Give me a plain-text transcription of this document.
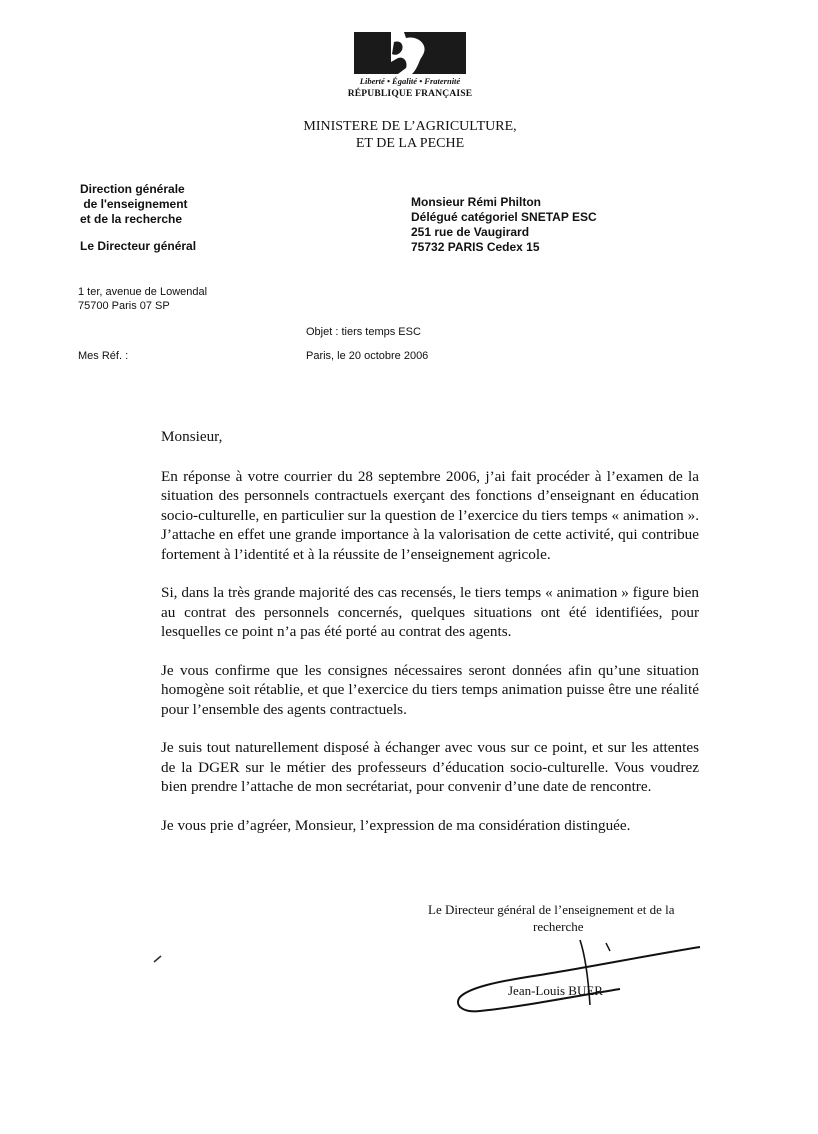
Liberté • Égalité • Fraternité
RÉPUBLIQUE FRANÇAISE
MINISTERE DE L’AGRICULTURE,
ET DE LA PECHE
Direction générale
de l'enseignement
et de la recherche
Le Directeur général
1 ter, avenue de Lowendal
75700 Paris 07 SP
Monsieur Rémi Philton
Délégué catégoriel SNETAP ESC
251 rue de Vaugirard
75732 PARIS Cedex 15
Objet : tiers temps ESC
Mes Réf. :	Paris, le 20 octobre 2006
Monsieur,

En réponse à votre courrier du 28 septembre 2006, j’ai fait procéder à l’examen de la situation des personnels contractuels exerçant des fonctions d’enseignant en éducation socio-culturelle, en particulier sur la question de l’exercice du tiers temps « animation ». J’attache en effet une grande importance à la valorisation de cette activité, qui contribue fortement à l’identité et à la réussite de l’enseignement agricole.

Si, dans la très grande majorité des cas recensés, le tiers temps « animation » figure bien au contrat des personnels concernés, quelques situations ont été identifiées, pour lesquelles ce point n’a pas été porté au contrat des agents.

Je vous confirme que les consignes nécessaires seront données afin qu’une situation homogène soit rétablie, et que l’exercice du tiers temps animation puisse être une réalité pour l’ensemble des agents contractuels.

Je suis tout naturellement disposé à échanger avec vous sur ce point, et sur les attentes de la DGER sur le métier des professeurs d’éducation socio-culturelle. Vous voudrez bien prendre l’attache de mon secrétariat, pour convenir d’une date de rencontre.

Je vous prie d’agréer, Monsieur, l’expression de ma considération distinguée.

Le Directeur général de l’enseignement et de la
recherche
Jean-Louis BUER
